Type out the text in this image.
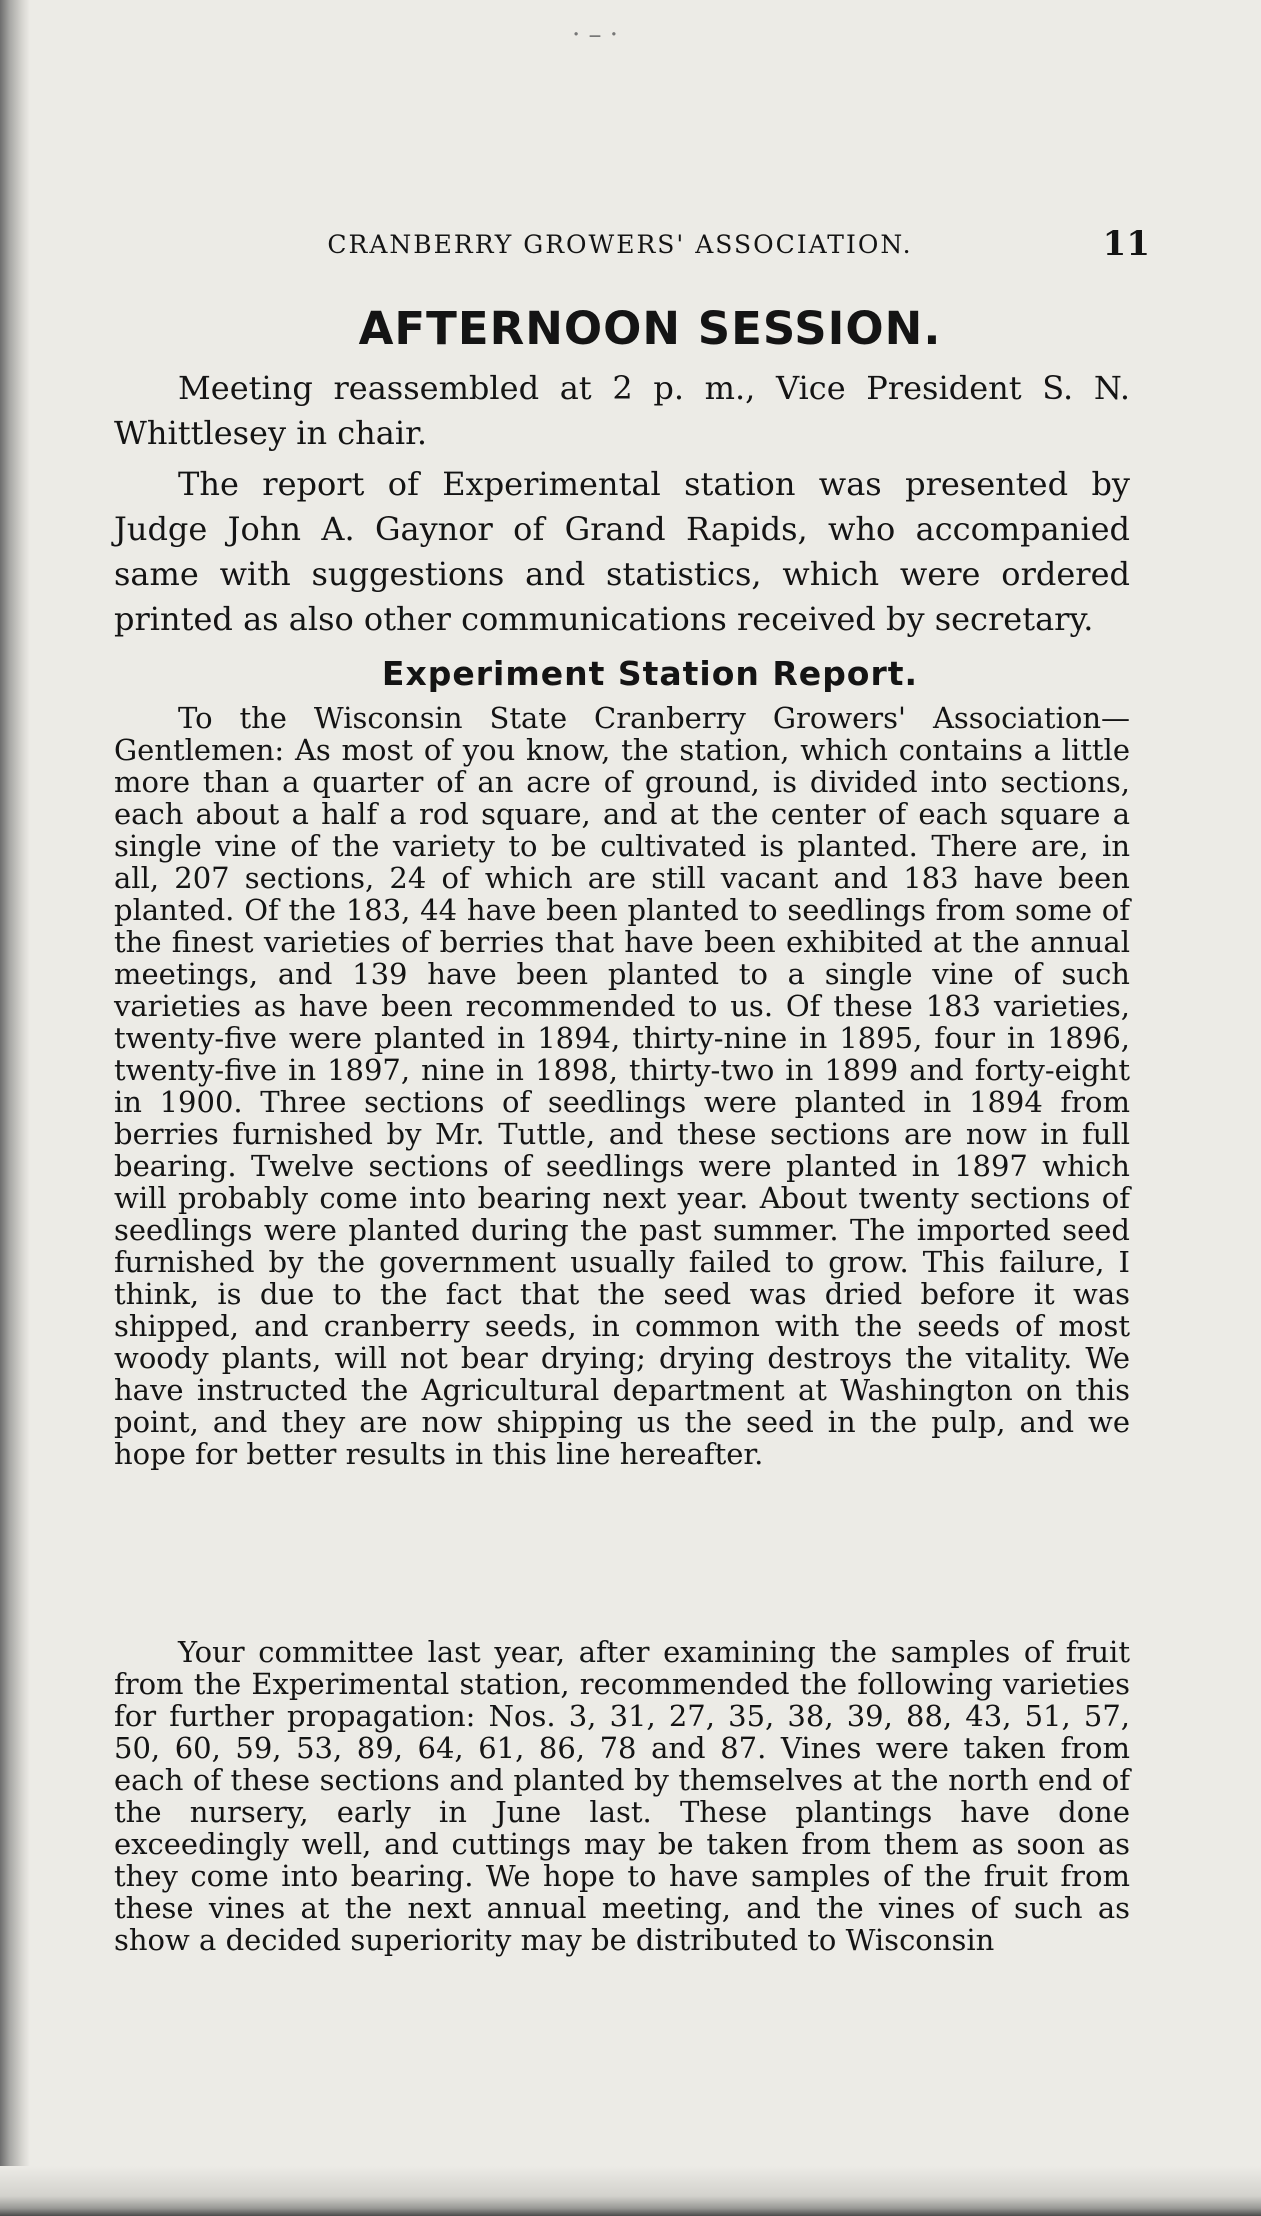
· – ·
CRANBERRY GROWERS' ASSOCIATION.	11
AFTERNOON SESSION.

Meeting reassembled at 2 p. m., Vice President S. N. Whittlesey in chair.

The report of Experimental station was presented by Judge John A. Gaynor of Grand Rapids, who accompanied same with suggestions and statistics, which were ordered printed as also other communications received by secretary.

Experiment Station Report.

To the Wisconsin State Cranberry Growers' Association—Gentlemen: As most of you know, the station, which contains a little more than a quarter of an acre of ground, is divided into sections, each about a half a rod square, and at the center of each square a single vine of the variety to be cultivated is planted. There are, in all, 207 sections, 24 of which are still vacant and 183 have been planted. Of the 183, 44 have been planted to seedlings from some of the finest varieties of berries that have been exhibited at the annual meetings, and 139 have been planted to a single vine of such varieties as have been recommended to us. Of these 183 varieties, twenty-five were planted in 1894, thirty-nine in 1895, four in 1896, twenty-five in 1897, nine in 1898, thirty-two in 1899 and forty-eight in 1900. Three sections of seedlings were planted in 1894 from berries furnished by Mr. Tuttle, and these sections are now in full bearing. Twelve sections of seedlings were planted in 1897 which will probably come into bearing next year. About twenty sections of seedlings were planted during the past summer. The imported seed furnished by the government usually failed to grow. This failure, I think, is due to the fact that the seed was dried before it was shipped, and cranberry seeds, in common with the seeds of most woody plants, will not bear drying; drying destroys the vitality. We have instructed the Agricultural department at Washington on this point, and they are now shipping us the seed in the pulp, and we hope for better results in this line hereafter.

Your committee last year, after examining the samples of fruit from the Experimental station, recommended the following varieties for further propagation: Nos. 3, 31, 27, 35, 38, 39, 88, 43, 51, 57, 50, 60, 59, 53, 89, 64, 61, 86, 78 and 87. Vines were taken from each of these sections and planted by themselves at the north end of the nursery, early in June last. These plantings have done exceedingly well, and cuttings may be taken from them as soon as they come into bearing. We hope to have samples of the fruit from these vines at the next annual meeting, and the vines of such as show a decided superiority may be distributed to Wisconsin
